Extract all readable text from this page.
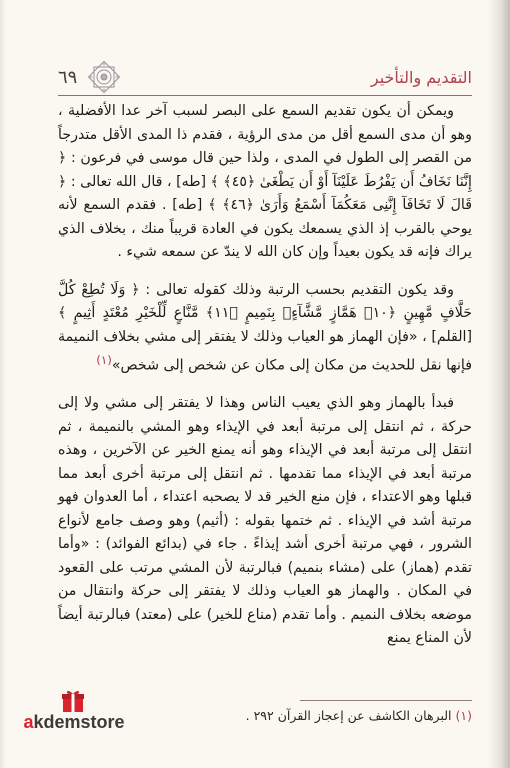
٦٩	التقديم والتأخير

ويمكن أن يكون تقديم السمع على البصر لسبب آخر عدا الأفضلية ، وهو أن مدى السمع أقل من مدى الرؤية ، فقدم ذا المدى الأقل متدرجاً من القصر إلى الطول في المدى ، ولذا حين قال موسى في فرعون : ﴿ إِنَّنَا نَخَافُ أَن يَفْرُطَ عَلَيْنَآ أَوْ أَن يَطْغَىٰ ﴿٤٥﴾ ﴾ [طه] ، قال الله تعالى : ﴿ قَالَ لَا تَخَافَآ إِنَّنِى مَعَكُمَآ أَسْمَعُ وَأَرَىٰ ﴿٤٦﴾ ﴾ [طه] . فقدم السمع لأنه يوحي بالقرب إذ الذي يسمعك يكون في العادة قريباً منك ، بخلاف الذي يراك فإنه قد يكون بعيداً وإن كان الله لا يندّ عن سمعه شيء .

وقد يكون التقديم بحسب الرتبة وذلك كقوله تعالى : ﴿ وَلَا تُطِعْ كُلَّ حَلَّافٍ مَّهِينٍ ﴿١٠﴾ هَمَّازٍ مَّشَّآءٍۭ بِنَمِيمٍ ﴿١١﴾ مَّنَّاعٍ لِّلْخَيْرِ مُعْتَدٍ أَثِيمٍ ﴾ [القلم] ، «فإن الهماز هو العياب وذلك لا يفتقر إلى مشي بخلاف النميمة فإنها نقل للحديث من مكان إلى مكان عن شخص إلى شخص»$^{(١)}$

فبدأ بالهماز وهو الذي يعيب الناس وهذا لا يفتقر إلى مشي ولا إلى حركة ، ثم انتقل إلى مرتبة أبعد في الإيذاء وهو المشي بالنميمة ، ثم انتقل إلى مرتبة أبعد في الإيذاء وهو أنه يمنع الخير عن الآخرين ، وهذه مرتبة أبعد في الإيذاء مما تقدمها . ثم انتقل إلى مرتبة أخرى أبعد مما قبلها وهو الاعتداء ، فإن منع الخير قد لا يصحبه اعتداء ، أما العدوان فهو مرتبة أشد في الإيذاء . ثم ختمها بقوله : (أثيم) وهو وصف جامع لأنواع الشرور ، فهي مرتبة أخرى أشد إيذاءً . جاء في (بدائع الفوائد) : «وأما تقدم (هماز) على (مشاء بنميم) فبالرتبة لأن المشي مرتب على القعود في المكان . والهماز هو العياب وذلك لا يفتقر إلى حركة وانتقال من موضعه بخلاف النميم . وأما تقدم (مناع للخير) على (معتد) فبالرتبة أيضاً لأن المناع يمنع

(١) البرهان الكاشف عن إعجاز القرآن ٢٩٢ .
akdemstore
